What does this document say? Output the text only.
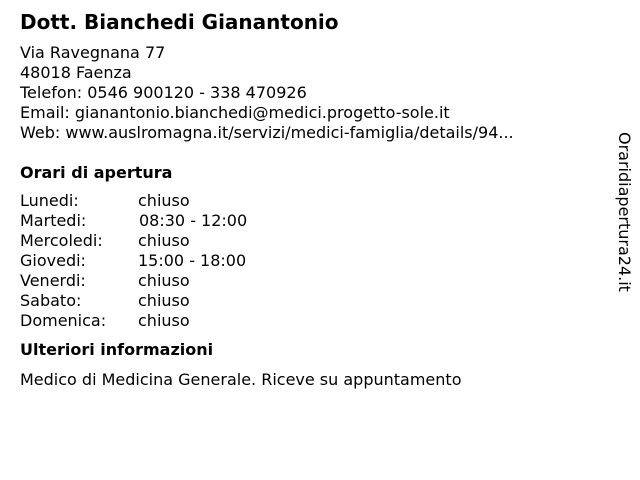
Dott. Bianchedi Gianantonio
Via Ravegnana 77
48018 Faenza
Telefon: 0546 900120 - 338 470926
Email: gianantonio.bianchedi@medici.progetto-sole.it
Web: www.auslromagna.it/servizi/medici-famiglia/details/94...
Orari di apertura
Lunedi:	chiuso
Martedi:	08:30 - 12:00
Mercoledi:	chiuso
Giovedi:	15:00 - 18:00
Venerdi:	chiuso
Sabato:	chiuso
Domenica:	chiuso
Ulteriori informazioni
Medico di Medicina Generale. Riceve su appuntamento
Oraridiapertura24.it
